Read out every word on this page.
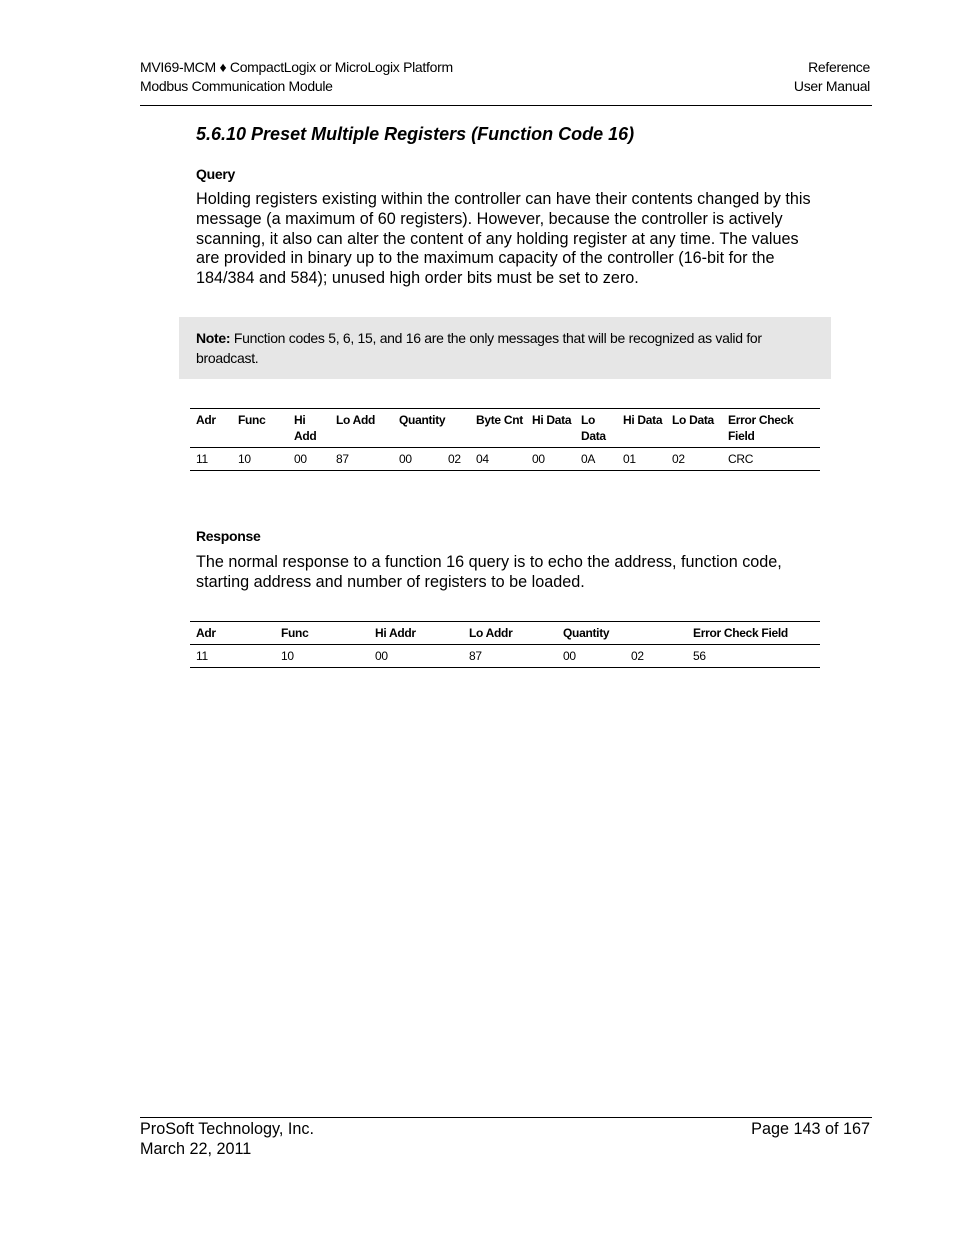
MVI69-MCM ♦ CompactLogix or MicroLogix Platform
Modbus Communication Module
Reference
User Manual
5.6.10 Preset Multiple Registers (Function Code 16)
Query
Holding registers existing within the controller can have their contents changed by this message (a maximum of 60 registers). However, because the controller is actively scanning, it also can alter the content of any holding register at any time. The values are provided in binary up to the maximum capacity of the controller (16-bit for the 184/384 and 584); unused high order bits must be set to zero.
Note: Function codes 5, 6, 15, and 16 are the only messages that will be recognized as valid for broadcast.
Adr	Func	Hi Add	Lo Add	Quantity		Byte Cnt	Hi Data	Lo Data	Hi Data	Lo Data	Error Check Field
11	10	00	87	00	02	04	00	0A	01	02	CRC
Response
The normal response to a function 16 query is to echo the address, function code, starting address and number of registers to be loaded.
Adr	Func	Hi Addr	Lo Addr	Quantity		Error Check Field
11	10	00	87	00	02	56
ProSoft Technology, Inc.
March 22, 2011
Page 143 of 167
